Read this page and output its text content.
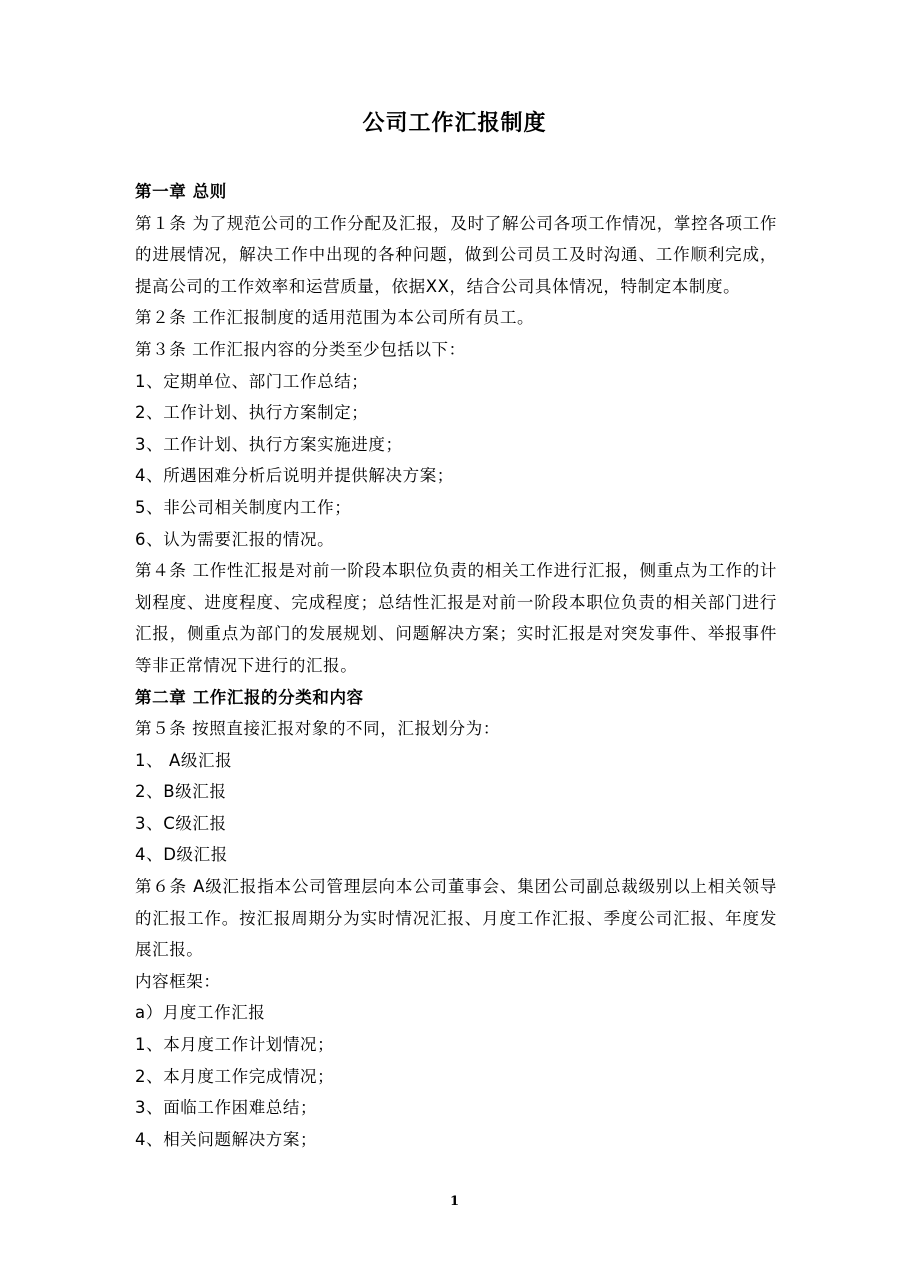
公司工作汇报制度
第一章 总则
第１条 为了规范公司的工作分配及汇报，及时了解公司各项工作情况，掌控各项工作的进展情况，解决工作中出现的各种问题，做到公司员工及时沟通、工作顺利完成，提高公司的工作效率和运营质量，依据XX，结合公司具体情况，特制定本制度。
第２条 工作汇报制度的适用范围为本公司所有员工。
第３条 工作汇报内容的分类至少包括以下：
1、定期单位、部门工作总结；
2、工作计划、执行方案制定；
3、工作计划、执行方案实施进度；
4、所遇困难分析后说明并提供解决方案；
5、非公司相关制度内工作；
6、认为需要汇报的情况。
第４条 工作性汇报是对前一阶段本职位负责的相关工作进行汇报，侧重点为工作的计划程度、进度程度、完成程度；总结性汇报是对前一阶段本职位负责的相关部门进行汇报，侧重点为部门的发展规划、问题解决方案；实时汇报是对突发事件、举报事件等非正常情况下进行的汇报。
第二章 工作汇报的分类和内容
第５条 按照直接汇报对象的不同，汇报划分为：
1、 A级汇报
2、B级汇报
3、C级汇报
4、D级汇报
第６条 A级汇报指本公司管理层向本公司董事会、集团公司副总裁级别以上相关领导的汇报工作。按汇报周期分为实时情况汇报、月度工作汇报、季度公司汇报、年度发展汇报。
内容框架：
a）月度工作汇报
1、本月度工作计划情况；
2、本月度工作完成情况；
3、面临工作困难总结；
4、相关问题解决方案；
1
